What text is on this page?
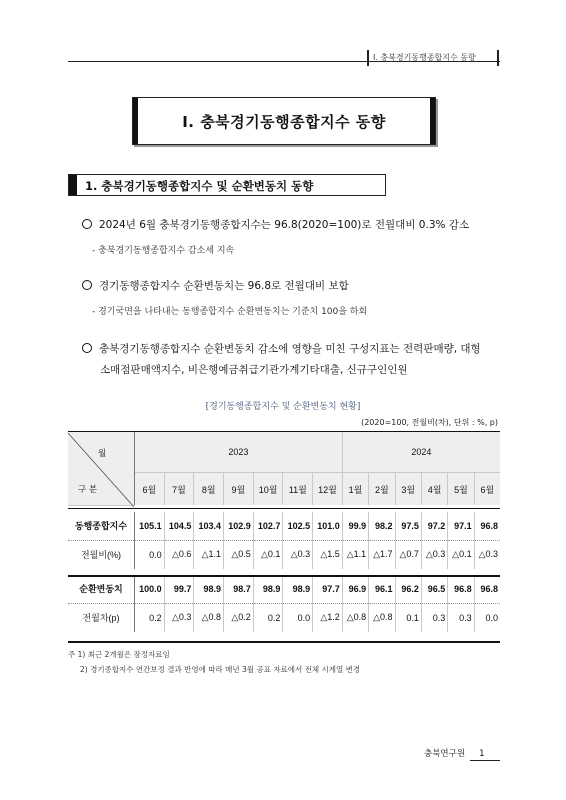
Ⅰ. 충북경기동행종합지수 동향
Ⅰ. 충북경기동행종합지수 동향
1. 충북경기동행종합지수 및 순환변동치 동향
2024년 6월 충북경기동행종합지수는 96.8(2020=100)로 전월대비 0.3% 감소
- 충북경기동행종합지수 감소세 지속
경기동행종합지수 순환변동치는 96.8로 전월대비 보합
- 경기국면을 나타내는 동행종합지수 순환변동치는 기준치 100을 하회
충북경기동행종합지수 순환변동치 감소에 영향을 미친 구성지표는 전력판매량, 대형
소매점판매액지수, 비은행예금취급기관가계기타대출, 신규구인인원
[경기동행종합지수 및 순환변동치 현황]
(2020=100, 전월비(차), 단위 : %, p)
	2023							2024					
	6월	7월	8월	9월	10월	11월	12월	1월	2월	3월	4월	5월	6월

동행종합지수	105.1	104.5	103.4	102.9	102.7	102.5	101.0	99.9	98.2	97.5	97.2	97.1	96.8
전월비(%)	0.0	△0.6	△1.1	△0.5	△0.1	△0.3	△1.5	△1.1	△1.7	△0.7	△0.3	△0.1	△0.3

순환변동치	100.0	99.7	98.9	98.7	98.9	98.9	97.7	96.9	96.1	96.2	96.5	96.8	96.8
전월차(p)	0.2	△0.3	△0.8	△0.2	0.2	0.0	△1.2	△0.8	△0.8	0.1	0.3	0.3	0.0
월
구 분
주 1) 최근 2개월은 잠정자료임
2) 경기종합지수 연간보정 결과 반영에 따라 매년 3월 공표 자료에서 전체 시계열 변경
충북연구원 1
